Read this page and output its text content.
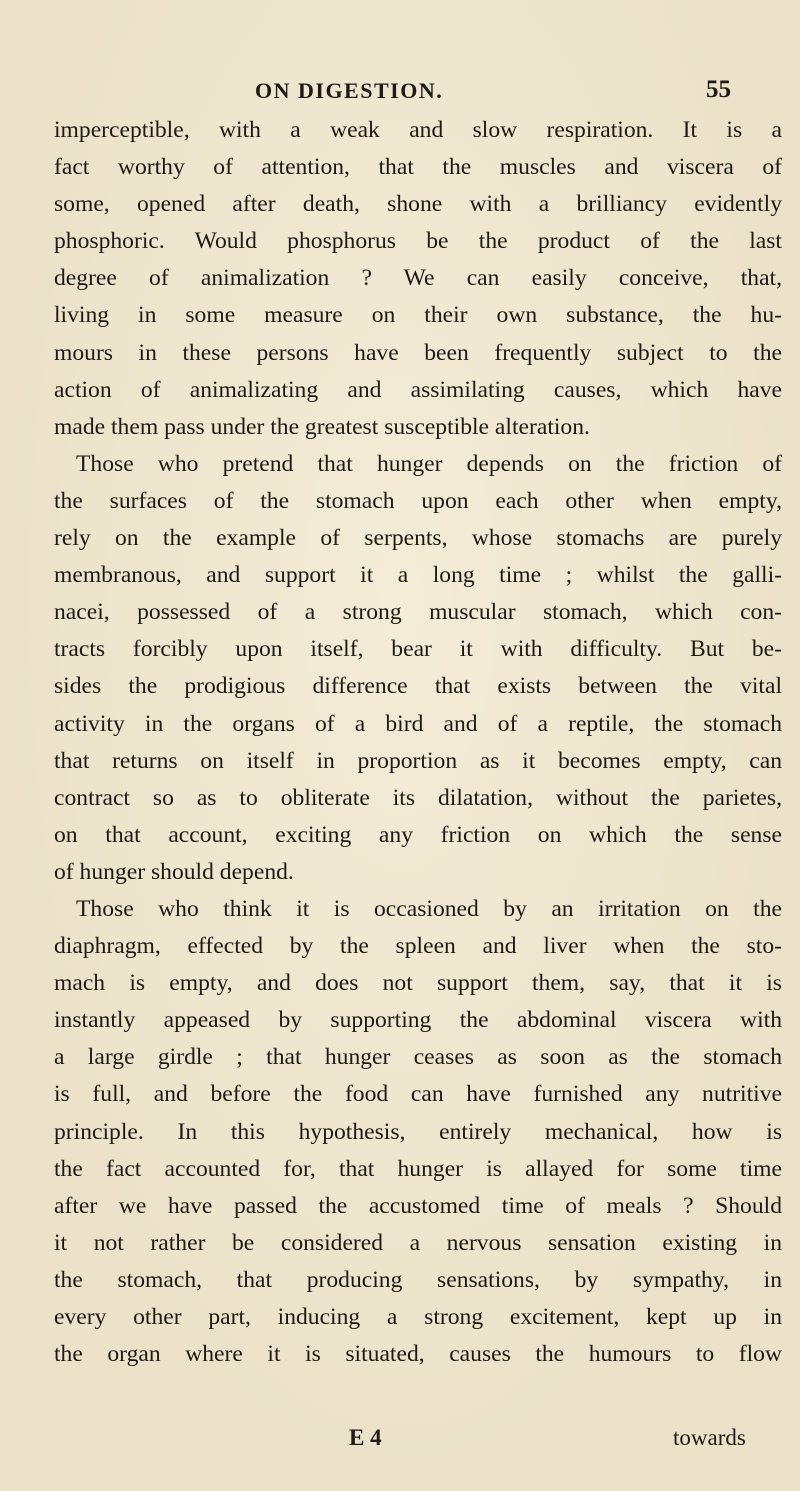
ON DIGESTION.	55
imperceptible, with a weak and slow respiration. It is a
fact worthy of attention, that the muscles and viscera of
some, opened after death, shone with a brilliancy evidently
phosphoric. Would phosphorus be the product of the last
degree of animalization ? We can easily conceive, that,
living in some measure on their own substance, the hu-
mours in these persons have been frequently subject to the
action of animalizating and assimilating causes, which have
made them pass under the greatest susceptible alteration.
Those who pretend that hunger depends on the friction of
the surfaces of the stomach upon each other when empty,
rely on the example of serpents, whose stomachs are purely
membranous, and support it a long time ; whilst the galli-
nacei, possessed of a strong muscular stomach, which con-
tracts forcibly upon itself, bear it with difficulty. But be-
sides the prodigious difference that exists between the vital
activity in the organs of a bird and of a reptile, the stomach
that returns on itself in proportion as it becomes empty, can
contract so as to obliterate its dilatation, without the parietes,
on that account, exciting any friction on which the sense
of hunger should depend.
Those who think it is occasioned by an irritation on the
diaphragm, effected by the spleen and liver when the sto-
mach is empty, and does not support them, say, that it is
instantly appeased by supporting the abdominal viscera with
a large girdle ; that hunger ceases as soon as the stomach
is full, and before the food can have furnished any nutritive
principle. In this hypothesis, entirely mechanical, how is
the fact accounted for, that hunger is allayed for some time
after we have passed the accustomed time of meals ? Should
it not rather be considered a nervous sensation existing in
the stomach, that producing sensations, by sympathy, in
every other part, inducing a strong excitement, kept up in
the organ where it is situated, causes the humours to flow
E 4	towards
